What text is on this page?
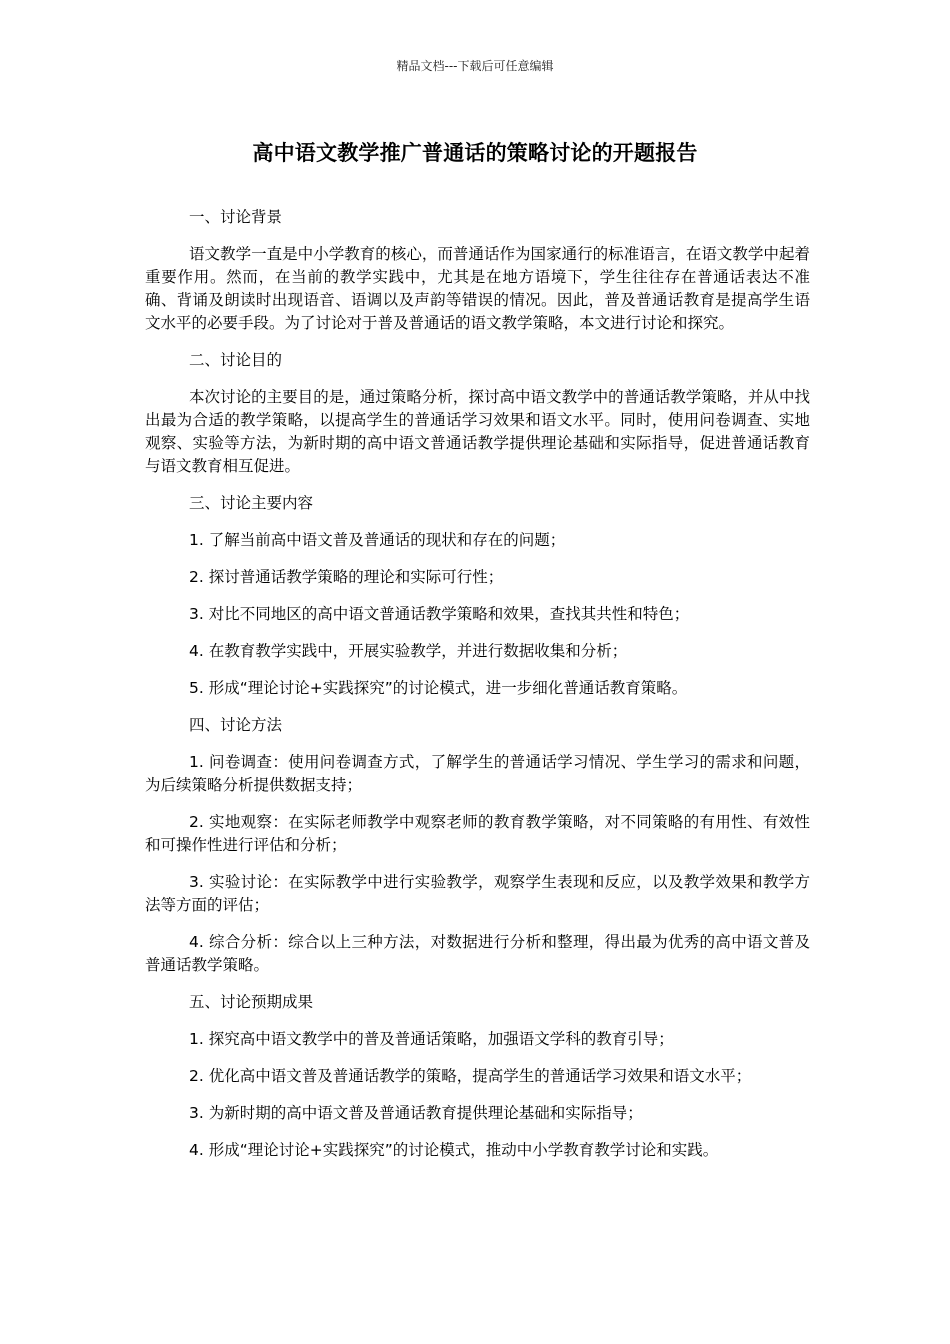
精品文档---下载后可任意编辑
高中语文教学推广普通话的策略讨论的开题报告

一、讨论背景

语文教学一直是中小学教育的核心，而普通话作为国家通行的标准语言，在语文教学中起着重要作用。然而，在当前的教学实践中，尤其是在地方语境下，学生往往存在普通话表达不准确、背诵及朗读时出现语音、语调以及声韵等错误的情况。因此，普及普通话教育是提高学生语文水平的必要手段。为了讨论对于普及普通话的语文教学策略，本文进行讨论和探究。

二、讨论目的

本次讨论的主要目的是，通过策略分析，探讨高中语文教学中的普通话教学策略，并从中找出最为合适的教学策略，以提高学生的普通话学习效果和语文水平。同时，使用问卷调查、实地观察、实验等方法，为新时期的高中语文普通话教学提供理论基础和实际指导，促进普通话教育与语文教育相互促进。

三、讨论主要内容

1. 了解当前高中语文普及普通话的现状和存在的问题；

2. 探讨普通话教学策略的理论和实际可行性；

3. 对比不同地区的高中语文普通话教学策略和效果，查找其共性和特色；

4. 在教育教学实践中，开展实验教学，并进行数据收集和分析；

5. 形成“理论讨论+实践探究”的讨论模式，进一步细化普通话教育策略。

四、讨论方法

1. 问卷调查：使用问卷调查方式，了解学生的普通话学习情况、学生学习的需求和问题，为后续策略分析提供数据支持；

2. 实地观察：在实际老师教学中观察老师的教育教学策略，对不同策略的有用性、有效性和可操作性进行评估和分析；

3. 实验讨论：在实际教学中进行实验教学，观察学生表现和反应，以及教学效果和教学方法等方面的评估；

4. 综合分析：综合以上三种方法，对数据进行分析和整理，得出最为优秀的高中语文普及普通话教学策略。

五、讨论预期成果

1. 探究高中语文教学中的普及普通话策略，加强语文学科的教育引导；

2. 优化高中语文普及普通话教学的策略，提高学生的普通话学习效果和语文水平；

3. 为新时期的高中语文普及普通话教育提供理论基础和实际指导；

4. 形成“理论讨论+实践探究”的讨论模式，推动中小学教育教学讨论和实践。
